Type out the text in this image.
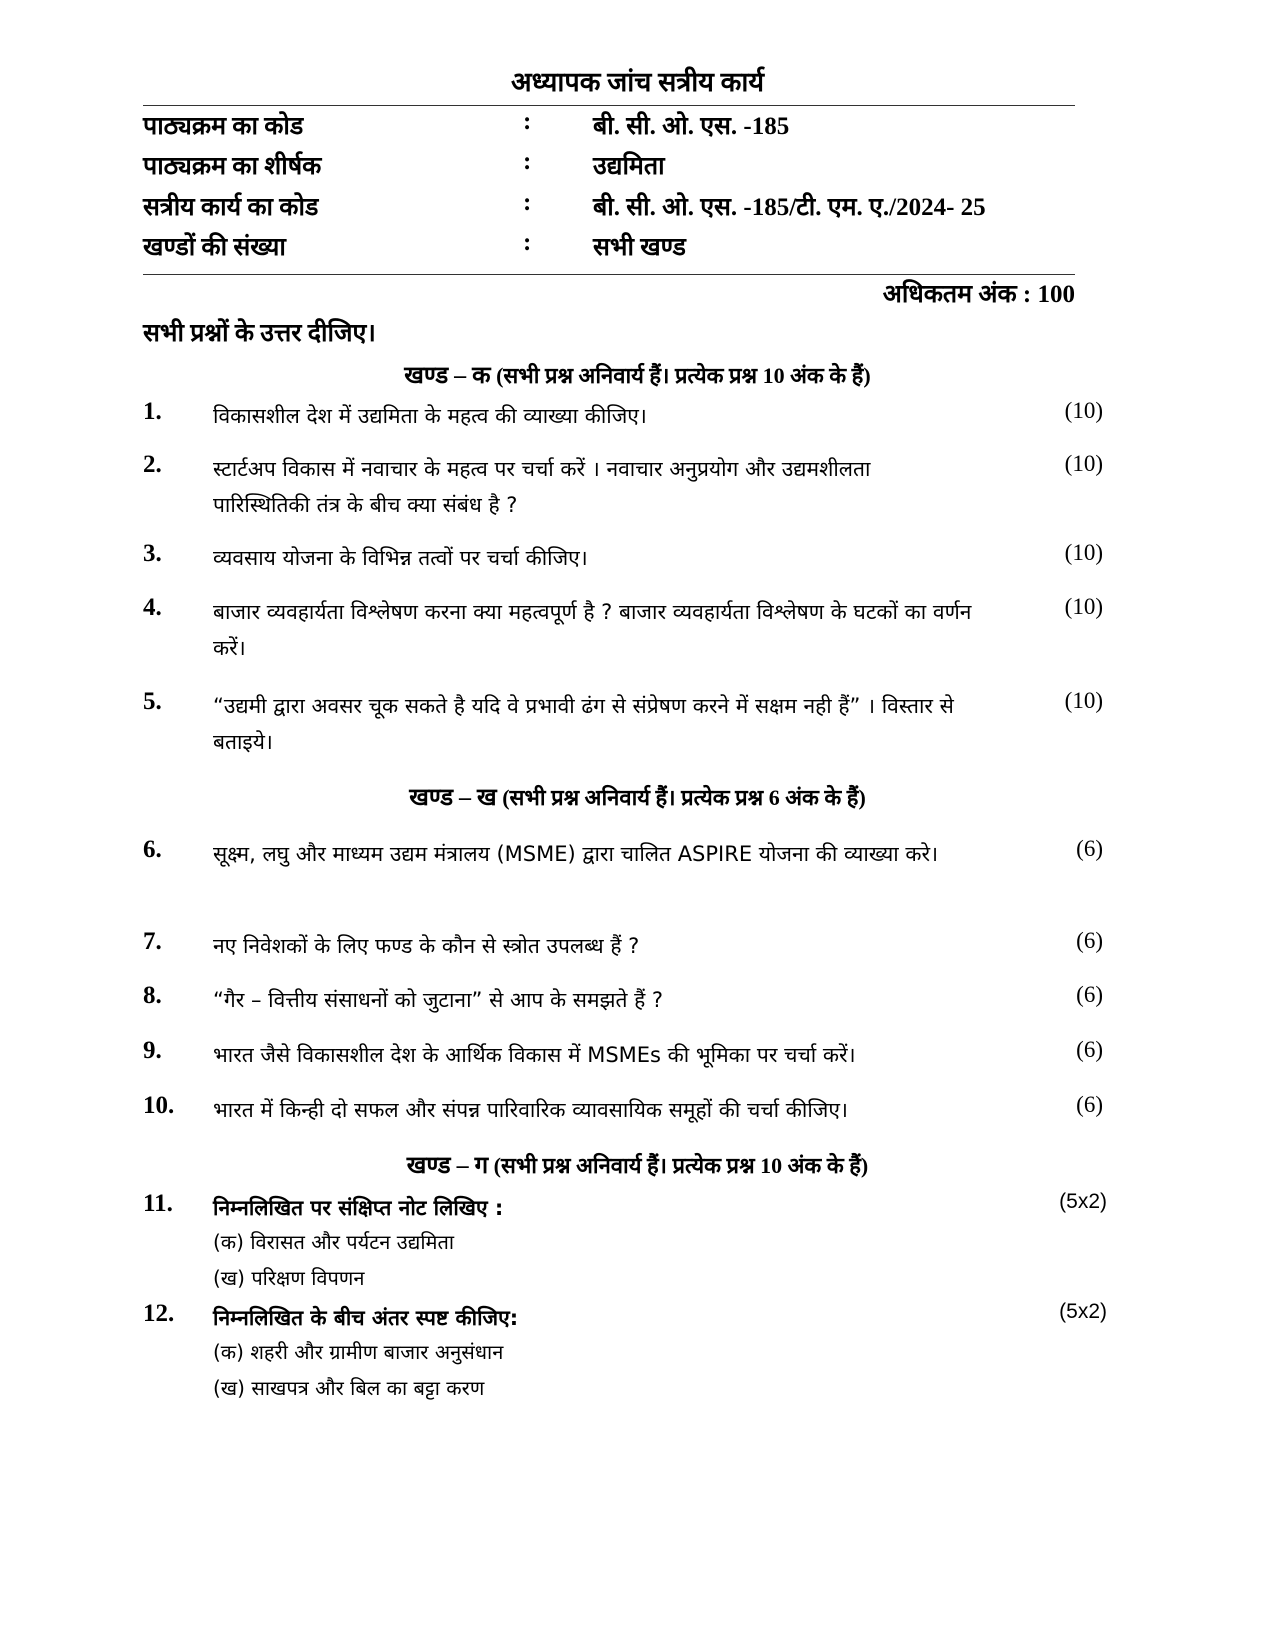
अध्यापक जांच सत्रीय कार्य
पाठ्यक्रम का कोड	: बी. सी. ओ. एस. -185
पाठ्यक्रम का शीर्षक	: उद्यमिता
सत्रीय कार्य का कोड	: बी. सी. ओ. एस. -185/टी. एम. ए./2024- 25
खण्डों की संख्या	: सभी खण्ड
अधिकतम अंक : 100
सभी प्रश्नों के उत्तर दीजिए।
खण्ड – क (सभी प्रश्न अनिवार्य हैं। प्रत्येक प्रश्न 10 अंक के हैं)
1. विकासशील देश में उद्यमिता के महत्व की व्याख्या कीजिए।	(10)
2. स्टार्टअप विकास में नवाचार के महत्व पर चर्चा करें । नवाचार अनुप्रयोग और उद्यमशीलता पारिस्थितिकी तंत्र के बीच क्या संबंध है ?
(10)
3. व्यवसाय योजना के विभिन्न तत्वों पर चर्चा कीजिए।	(10)
4. बाजार व्यवहार्यता विश्लेषण करना क्या महत्वपूर्ण है ? बाजार व्यवहार्यता विश्लेषण के घटकों का वर्णन करें।
(10)
5. “उद्यमी द्वारा अवसर चूक सकते है यदि वे प्रभावी ढंग से संप्रेषण करने में सक्षम नही हैं” । विस्तार से बताइये।
(10)
खण्ड – ख (सभी प्रश्न अनिवार्य हैं। प्रत्येक प्रश्न 6 अंक के हैं)
6. सूक्ष्म, लघु और माध्यम उद्यम मंत्रालय (MSME) द्वारा चालित ASPIRE योजना की व्याख्या करे।	(6)
7. नए निवेशकों के लिए फण्ड के कौन से स्त्रोत उपलब्ध हैं ?	(6)
8. “गैर – वित्तीय संसाधनों को जुटाना” से आप के समझते हैं ?	(6)
9. भारत जैसे विकासशील देश के आर्थिक विकास में MSMEs की भूमिका पर चर्चा करें।	(6)
10. भारत में किन्ही दो सफल और संपन्न पारिवारिक व्यावसायिक समूहों की चर्चा कीजिए।	(6)
खण्ड – ग (सभी प्रश्न अनिवार्य हैं। प्रत्येक प्रश्न 10 अंक के हैं)
11. निम्नलिखित पर संक्षिप्त नोट लिखिए :	(5x2)
(क) विरासत और पर्यटन उद्यमिता
(ख) परिक्षण विपणन
12. निम्नलिखित के बीच अंतर स्पष्ट कीजिए:	(5x2)
(क) शहरी और ग्रामीण बाजार अनुसंधान
(ख) साखपत्र और बिल का बट्टा करण
